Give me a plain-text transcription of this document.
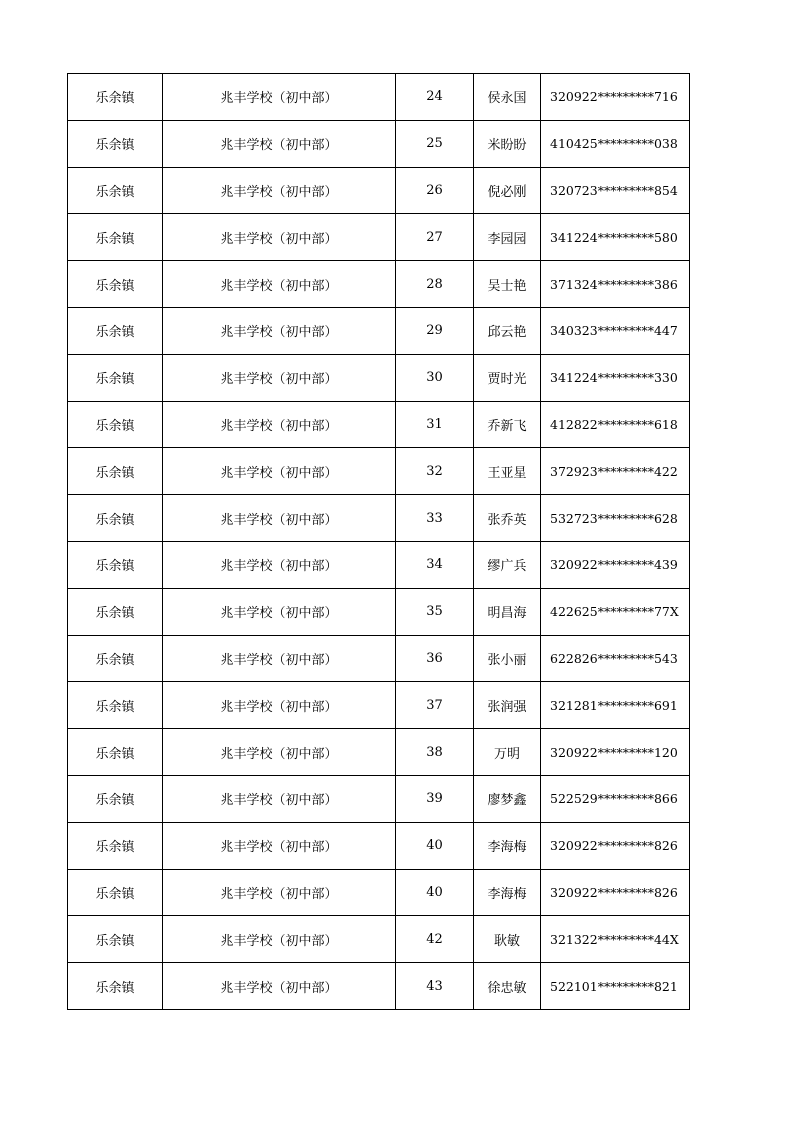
乐余镇	兆丰学校（初中部）	24	侯永国	320922*********716
乐余镇	兆丰学校（初中部）	25	米盼盼	410425*********038
乐余镇	兆丰学校（初中部）	26	倪必刚	320723*********854
乐余镇	兆丰学校（初中部）	27	李园园	341224*********580
乐余镇	兆丰学校（初中部）	28	吴士艳	371324*********386
乐余镇	兆丰学校（初中部）	29	邱云艳	340323*********447
乐余镇	兆丰学校（初中部）	30	贾时光	341224*********330
乐余镇	兆丰学校（初中部）	31	乔新飞	412822*********618
乐余镇	兆丰学校（初中部）	32	王亚星	372923*********422
乐余镇	兆丰学校（初中部）	33	张乔英	532723*********628
乐余镇	兆丰学校（初中部）	34	缪广兵	320922*********439
乐余镇	兆丰学校（初中部）	35	明昌海	422625*********77X
乐余镇	兆丰学校（初中部）	36	张小丽	622826*********543
乐余镇	兆丰学校（初中部）	37	张润强	321281*********691
乐余镇	兆丰学校（初中部）	38	万明	320922*********120
乐余镇	兆丰学校（初中部）	39	廖梦鑫	522529*********866
乐余镇	兆丰学校（初中部）	40	李海梅	320922*********826
乐余镇	兆丰学校（初中部）	40	李海梅	320922*********826
乐余镇	兆丰学校（初中部）	42	耿敏	321322*********44X
乐余镇	兆丰学校（初中部）	43	徐忠敏	522101*********821
